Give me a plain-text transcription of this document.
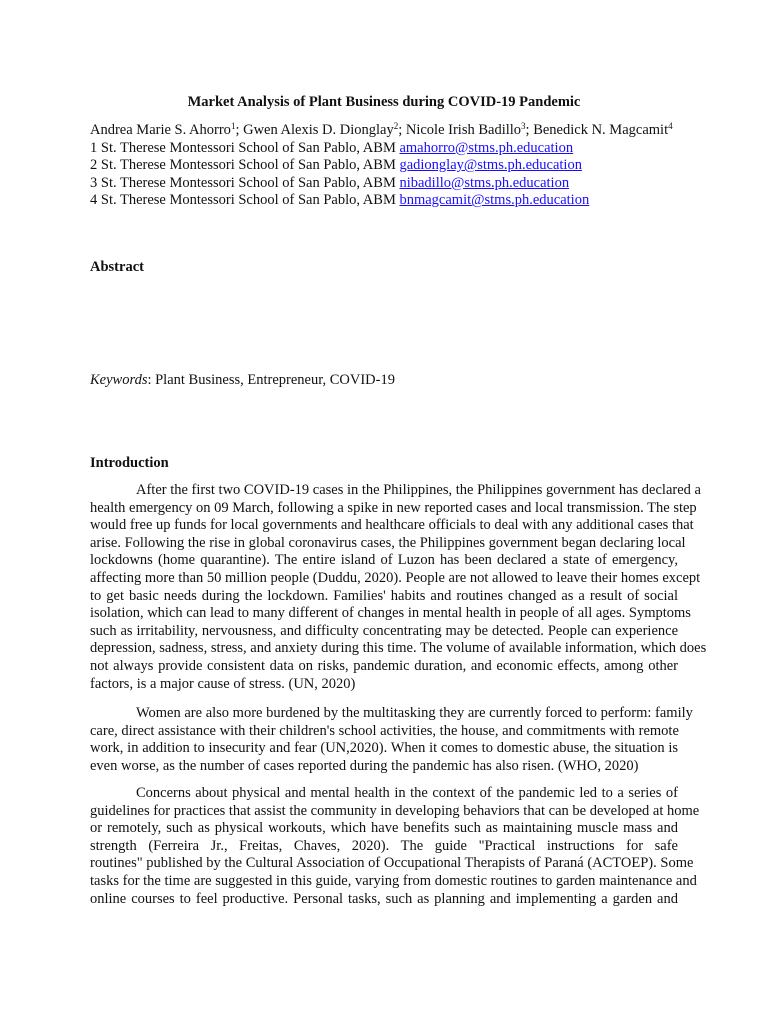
Market Analysis of Plant Business during COVID-19 Pandemic
Andrea Marie S. Ahorro$^1$; Gwen Alexis D. Dionglay$^2$; Nicole Irish Badillo$^3$; Benedick N. Magcamit$^4$
1 St. Therese Montessori School of San Pablo, ABM amahorro@stms.ph.education
2 St. Therese Montessori School of San Pablo, ABM gadionglay@stms.ph.education
3 St. Therese Montessori School of San Pablo, ABM nibadillo@stms.ph.education
4 St. Therese Montessori School of San Pablo, ABM bnmagcamit@stms.ph.education
Abstract
Keywords: Plant Business, Entrepreneur, COVID-19
Introduction
After the first two COVID-19 cases in the Philippines, the Philippines government has declared a
health emergency on 09 March, following a spike in new reported cases and local transmission. The step
would free up funds for local governments and healthcare officials to deal with any additional cases that
arise. Following the rise in global coronavirus cases, the Philippines government began declaring local
lockdowns (home quarantine). The entire island of Luzon has been declared a state of emergency,
affecting more than 50 million people (Duddu, 2020). People are not allowed to leave their homes except
to get basic needs during the lockdown. Families' habits and routines changed as a result of social
isolation, which can lead to many different of changes in mental health in people of all ages. Symptoms
such as irritability, nervousness, and difficulty concentrating may be detected. People can experience
depression, sadness, stress, and anxiety during this time. The volume of available information, which does
not always provide consistent data on risks, pandemic duration, and economic effects, among other
factors, is a major cause of stress. (UN, 2020)
Women are also more burdened by the multitasking they are currently forced to perform: family
care, direct assistance with their children's school activities, the house, and commitments with remote
work, in addition to insecurity and fear (UN,2020). When it comes to domestic abuse, the situation is
even worse, as the number of cases reported during the pandemic has also risen. (WHO, 2020)
Concerns about physical and mental health in the context of the pandemic led to a series of
guidelines for practices that assist the community in developing behaviors that can be developed at home
or remotely, such as physical workouts, which have benefits such as maintaining muscle mass and
strength (Ferreira Jr., Freitas, Chaves, 2020). The guide "Practical instructions for safe
routines" published by the Cultural Association of Occupational Therapists of Paraná (ACTOEP). Some
tasks for the time are suggested in this guide, varying from domestic routines to garden maintenance and
online courses to feel productive. Personal tasks, such as planning and implementing a garden and
